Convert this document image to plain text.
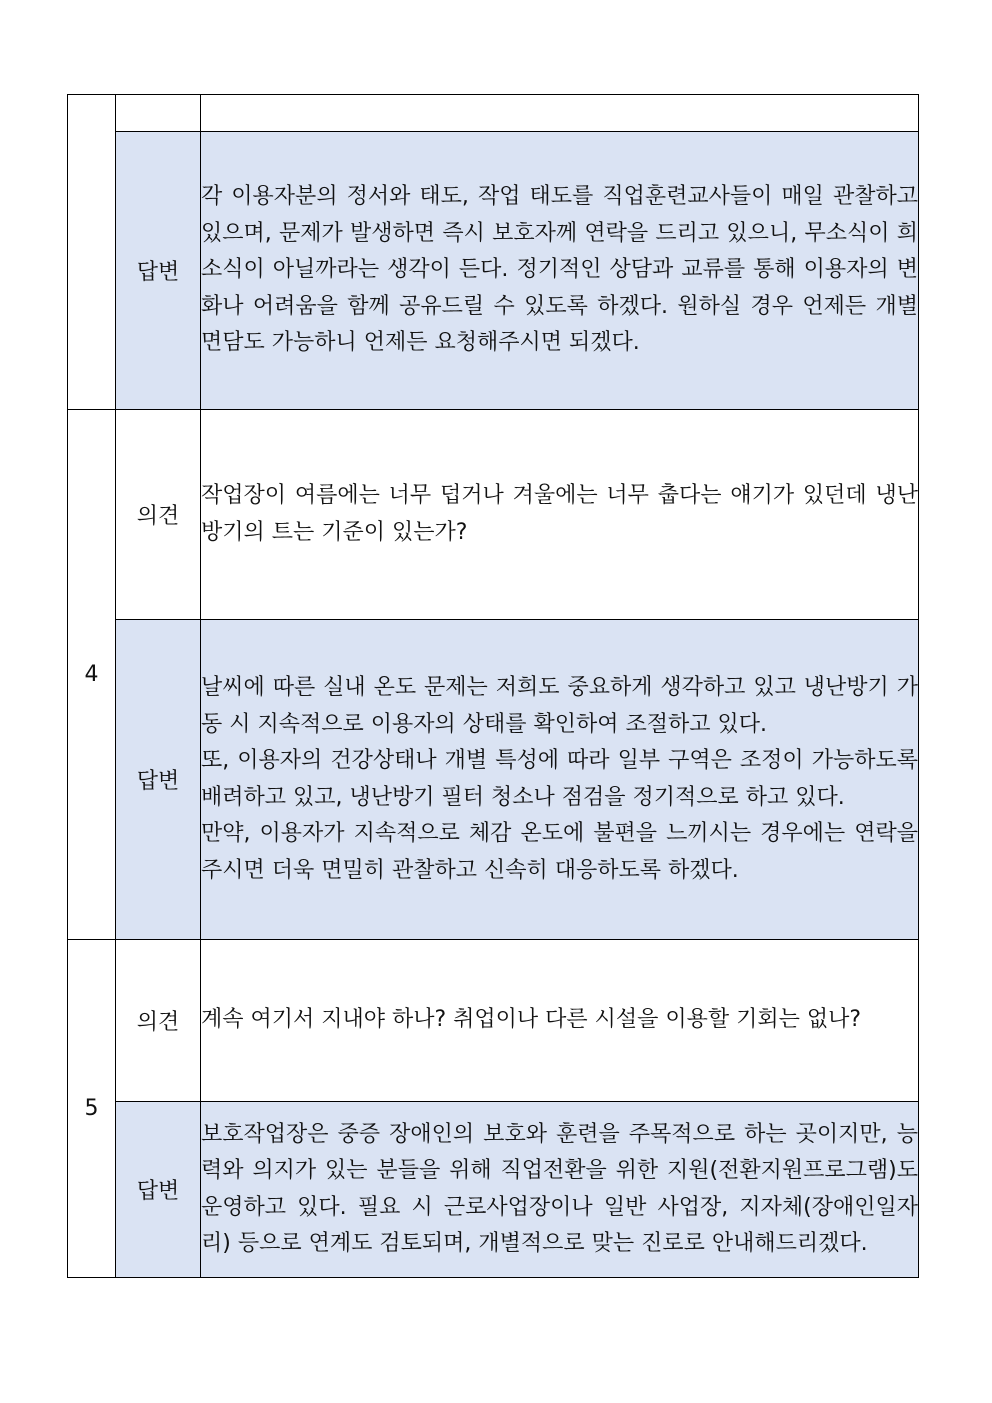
	답변	각 이용자분의 정서와 태도, 작업 태도를 직업훈련교사들이 매일 관찰하고 있으며, 문제가 발생하면 즉시 보호자께 연락을 드리고 있으니, 무소식이 희소식이 아닐까라는 생각이 든다. 정기적인 상담과 교류를 통해 이용자의 변화나 어려움을 함께 공유드릴 수 있도록 하겠다. 원하실 경우 언제든 개별 면담도 가능하니 언제든 요청해주시면 되겠다.

4	의견	작업장이 여름에는 너무 덥거나 겨울에는 너무 춥다는 얘기가 있던데 냉난방기의 트는 기준이 있는가?

	답변	날씨에 따른 실내 온도 문제는 저희도 중요하게 생각하고 있고 냉난방기 가동 시 지속적으로 이용자의 상태를 확인하여 조절하고 있다.
또, 이용자의 건강상태나 개별 특성에 따라 일부 구역은 조정이 가능하도록 배려하고 있고, 냉난방기 필터 청소나 점검을 정기적으로 하고 있다.
만약, 이용자가 지속적으로 체감 온도에 불편을 느끼시는 경우에는 연락을 주시면 더욱 면밀히 관찰하고 신속히 대응하도록 하겠다.

5	의견	계속 여기서 지내야 하나? 취업이나 다른 시설을 이용할 기회는 없나?

	답변	보호작업장은 중증 장애인의 보호와 훈련을 주목적으로 하는 곳이지만, 능력와 의지가 있는 분들을 위해 직업전환을 위한 지원(전환지원프로그램)도 운영하고 있다. 필요 시 근로사업장이나 일반 사업장, 지자체(장애인일자리) 등으로 연계도 검토되며, 개별적으로 맞는 진로로 안내해드리겠다.
